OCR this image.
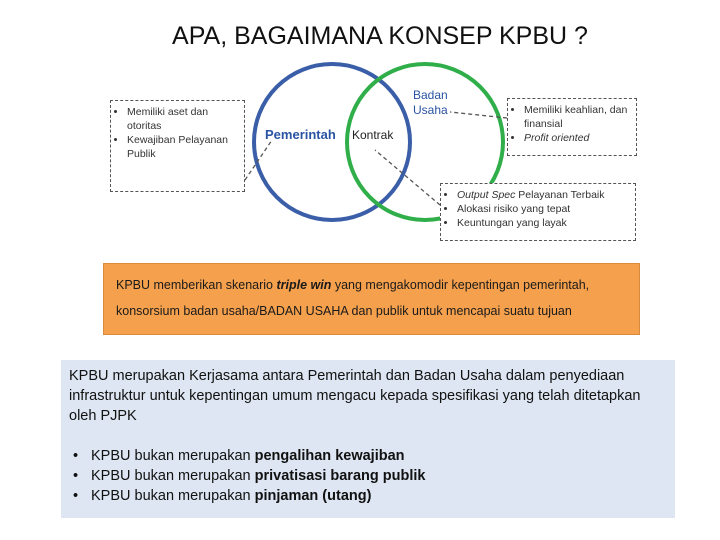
APA, BAGAIMANA KONSEP KPBU ?
Pemerintah Kontrak
Badan
Usaha
• Memiliki aset dan otoritas
• Kewajiban Pelayanan Publik
• Memiliki keahlian, dan finansial
• Profit oriented
• Output Spec Pelayanan Terbaik
• Alokasi risiko yang tepat
• Keuntungan yang layak
KPBU memberikan skenario triple win yang mengakomodir kepentingan pemerintah,
konsorsium badan usaha/BADAN USAHA dan publik untuk mencapai suatu tujuan

KPBU merupakan Kerjasama antara Pemerintah dan Badan Usaha dalam penyediaan infrastruktur untuk kepentingan umum mengacu kepada spesifikasi yang telah ditetapkan oleh PJPK

• KPBU bukan merupakan pengalihan kewajiban
• KPBU bukan merupakan privatisasi barang publik
• KPBU bukan merupakan pinjaman (utang)
